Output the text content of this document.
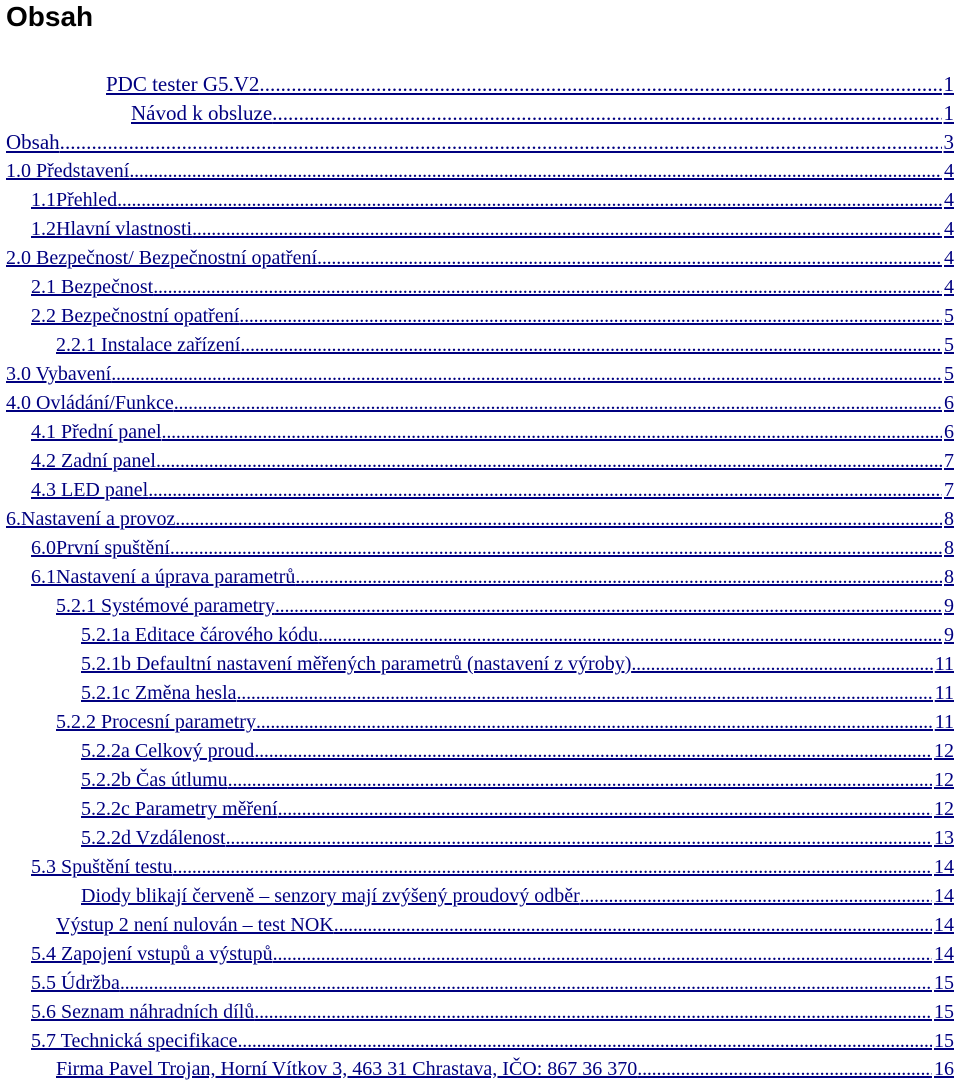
Obsah
PDC tester G5.V2 . . .	1
Návod k obsluze . . .	1
Obsah . . .	3
1.0 Představení . . .	4
1.1Přehled . . .	4
1.2Hlavní vlastnosti . . .	4
2.0 Bezpečnost/ Bezpečnostní opatření . . .	4
2.1 Bezpečnost . . .	4
2.2 Bezpečnostní opatření . . .	5
2.2.1 Instalace zařízení . . .	5
3.0 Vybavení . . .	5
4.0 Ovládání/Funkce . . .	6
4.1 Přední panel . . .	6
4.2 Zadní panel . . .	7
4.3 LED panel . . .	7
6.Nastavení a provoz . . .	8
6.0První spuštění . . .	8
6.1Nastavení a úprava parametrů . . .	8
5.2.1 Systémové parametry . . .	9
5.2.1a Editace čárového kódu . . .	9
5.2.1b Defaultní nastavení měřených parametrů (nastavení z výroby) . . .	11
5.2.1c Změna hesla . . .	11
5.2.2 Procesní parametry . . .	11
5.2.2a Celkový proud . . .	12
5.2.2b Čas útlumu . . .	12
5.2.2c Parametry měření . . .	12
5.2.2d Vzdálenost . . .	13
5.3 Spuštění testu . . .	14
Diody blikají červeně – senzory mají zvýšený proudový odběr . . .	14
Výstup 2 není nulován – test NOK . . .	14
5.4 Zapojení vstupů a výstupů . . .	14
5.5 Údržba . . .	15
5.6 Seznam náhradních dílů . . .	15
5.7 Technická specifikace . . .	15
Firma Pavel Trojan, Horní Vítkov 3, 463 31 Chrastava, IČO: 867 36 370 . . .	16
